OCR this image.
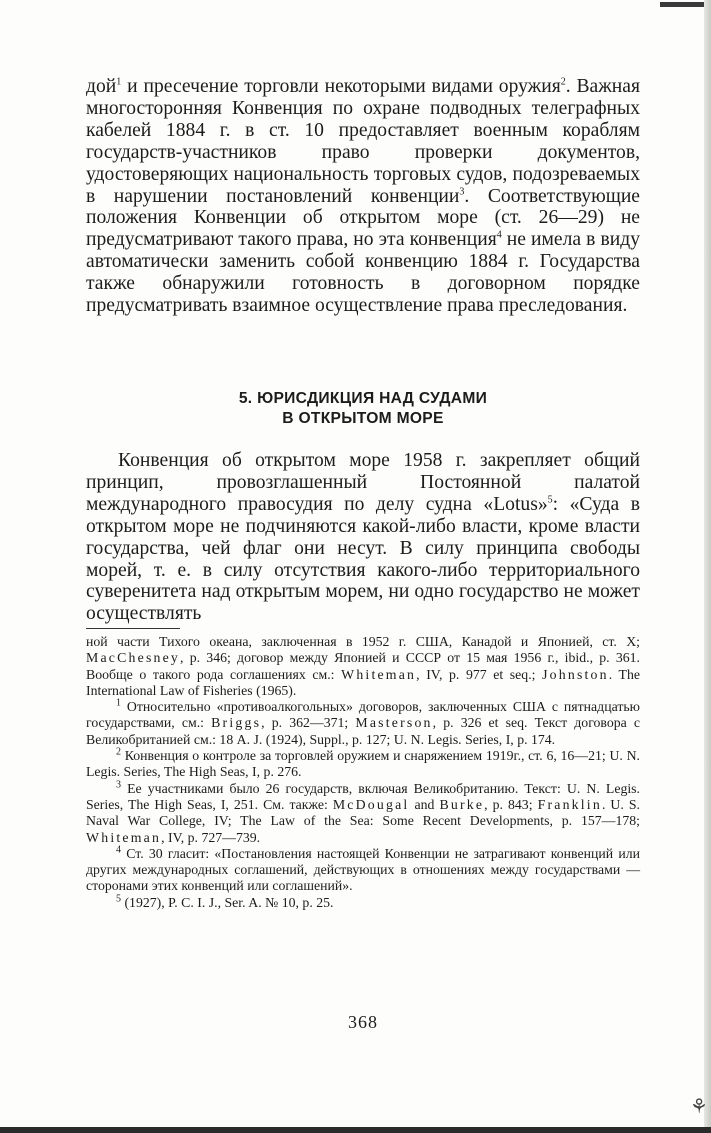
⚘

дой$^1$ и пресечение торговли некоторыми видами оружия$^2$. Важная многосторонняя Конвенция по охране подводных телеграфных кабелей 1884 г. в ст. 10 предоставляет военным кораблям государств-участников право проверки документов, удостоверяющих национальность торговых судов, подозреваемых в нарушении постановлений конвенции$^3$. Соответствующие положения Конвенции об открытом море (ст. 26—29) не предусматривают такого права, но эта конвенция$^4$ не имела в виду автоматически заменить собой конвенцию 1884 г. Государства также обнаружили готовность в договорном порядке предусматривать взаимное осуществление права преследования.

5. ЮРИСДИКЦИЯ НАД СУДАМИ
В ОТКРЫТОМ МОРЕ

Конвенция об открытом море 1958 г. закрепляет общий принцип, провозглашенный Постоянной палатой международного правосудия по делу судна «Lotus»$^5$: «Суда в открытом море не подчиняются какой-либо власти, кроме власти государства, чей флаг они несут. В силу принципа свободы морей, т. е. в силу отсутствия какого-либо территориального суверенитета над открытым морем, ни одно государство не может осуществлять

ной части Тихого океана, заключенная в 1952 г. США, Канадой и Японией, ст. X; MacChesney, p. 346; договор между Японией и СССР от 15 мая 1956 г., ibid., p. 361. Вообще о такого рода соглашениях см.: Whiteman, IV, p. 977 et seq.; Johnston. The International Law of Fisheries (1965).

$^1$ Относительно «противоалкогольных» договоров, заключенных США с пятнадцатью государствами, см.: Briggs, p. 362—371; Masterson, p. 326 et seq. Текст договора с Великобританией см.: 18 A. J. (1924), Suppl., p. 127; U. N. Legis. Series, I, p. 174.

$^2$ Конвенция о контроле за торговлей оружием и снаряжением 1919г., ст. 6, 16—21; U. N. Legis. Series, The High Seas, I, p. 276.

$^3$ Ее участниками было 26 государств, включая Великобританию. Текст: U. N. Legis. Series, The High Seas, I, 251. См. также: McDougal and Burke, p. 843; Franklin. U. S. Naval War College, IV; The Law of the Sea: Some Recent Developments, p. 157—178; Whiteman, IV, p. 727—739.

$^4$ Ст. 30 гласит: «Постановления настоящей Конвенции не затрагивают конвенций или других международных соглашений, действующих в отношениях между государствами — сторонами этих конвенций или соглашений».

$^5$ (1927), P. C. I. J., Ser. A. № 10, p. 25.

368
